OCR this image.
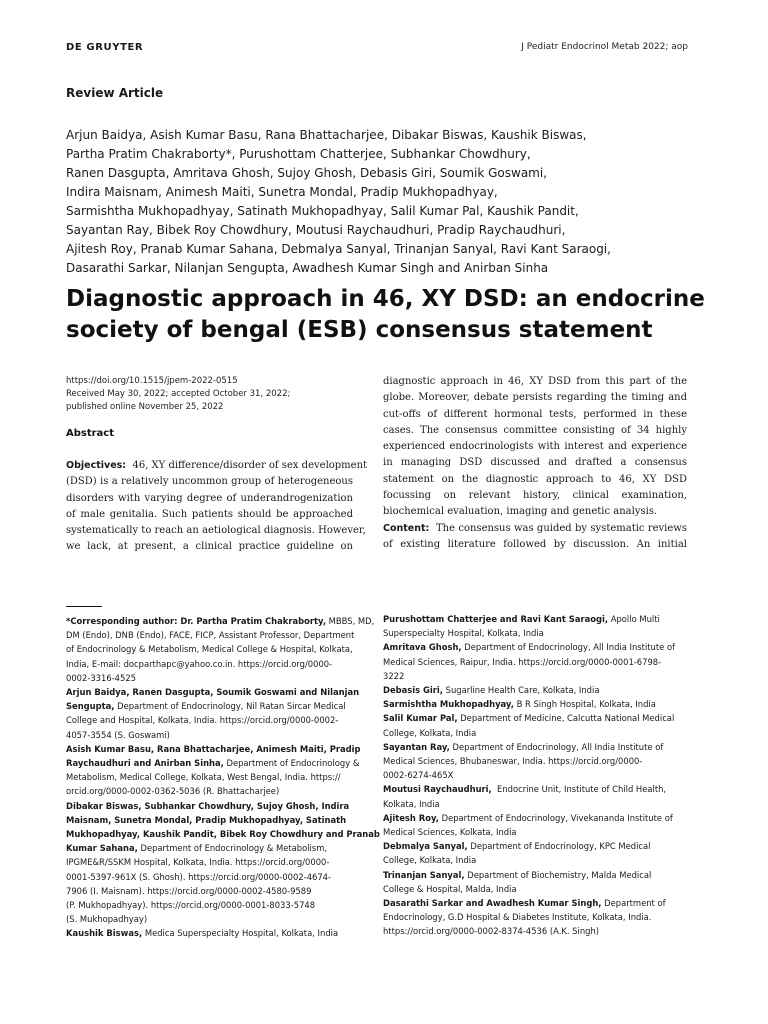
DE GRUYTER	J Pediatr Endocrinol Metab 2022; aop
Review Article
Arjun Baidya, Asish Kumar Basu, Rana Bhattacharjee, Dibakar Biswas, Kaushik Biswas,
Partha Pratim Chakraborty*, Purushottam Chatterjee, Subhankar Chowdhury,
Ranen Dasgupta, Amritava Ghosh, Sujoy Ghosh, Debasis Giri, Soumik Goswami,
Indira Maisnam, Animesh Maiti, Sunetra Mondal, Pradip Mukhopadhyay,
Sarmishtha Mukhopadhyay, Satinath Mukhopadhyay, Salil Kumar Pal, Kaushik Pandit,
Sayantan Ray, Bibek Roy Chowdhury, Moutusi Raychaudhuri, Pradip Raychaudhuri,
Ajitesh Roy, Pranab Kumar Sahana, Debmalya Sanyal, Trinanjan Sanyal, Ravi Kant Saraogi,
Dasarathi Sarkar, Nilanjan Sengupta, Awadhesh Kumar Singh and Anirban Sinha
Diagnostic approach in 46, XY DSD: an endocrine
society of bengal (ESB) consensus statement
https://doi.org/10.1515/jpem-2022-0515
Received May 30, 2022; accepted October 31, 2022;
published online November 25, 2022
Abstract
Objectives: 46, XY difference/disorder of sex development
(DSD) is a relatively uncommon group of heterogeneous
disorders with varying degree of underandrogenization
of male genitalia. Such patients should be approached
systematically to reach an aetiological diagnosis. However,
we lack, at present, a clinical practice guideline on
diagnostic approach in 46, XY DSD from this part of the
globe. Moreover, debate persists regarding the timing and
cut-offs of different hormonal tests, performed in these
cases. The consensus committee consisting of 34 highly
experienced endocrinologists with interest and experience
in managing DSD discussed and drafted a consensus
statement on the diagnostic approach to 46, XY DSD
focussing on relevant history, clinical examination,
biochemical evaluation, imaging and genetic analysis.
Content: The consensus was guided by systematic reviews
of existing literature followed by discussion. An initial
*Corresponding author: Dr. Partha Pratim Chakraborty, MBBS, MD,
DM (Endo), DNB (Endo), FACE, FICP, Assistant Professor, Department
of Endocrinology & Metabolism, Medical College & Hospital, Kolkata,
India, E-mail: docparthapc@yahoo.co.in. https://orcid.org/0000-
0002-3316-4525
Arjun Baidya, Ranen Dasgupta, Soumik Goswami and Nilanjan
Sengupta, Department of Endocrinology, Nil Ratan Sircar Medical
College and Hospital, Kolkata, India. https://orcid.org/0000-0002-
4057-3554 (S. Goswami)
Asish Kumar Basu, Rana Bhattacharjee, Animesh Maiti, Pradip
Raychaudhuri and Anirban Sinha, Department of Endocrinology &
Metabolism, Medical College, Kolkata, West Bengal, India. https://
orcid.org/0000-0002-0362-5036 (R. Bhattacharjee)
Dibakar Biswas, Subhankar Chowdhury, Sujoy Ghosh, Indira
Maisnam, Sunetra Mondal, Pradip Mukhopadhyay, Satinath
Mukhopadhyay, Kaushik Pandit, Bibek Roy Chowdhury and Pranab
Kumar Sahana, Department of Endocrinology & Metabolism,
IPGME&R/SSKM Hospital, Kolkata, India. https://orcid.org/0000-
0001-5397-961X (S. Ghosh). https://orcid.org/0000-0002-4674-
7906 (I. Maisnam). https://orcid.org/0000-0002-4580-9589
(P. Mukhopadhyay). https://orcid.org/0000-0001-8033-5748
(S. Mukhopadhyay)
Kaushik Biswas, Medica Superspecialty Hospital, Kolkata, India
Purushottam Chatterjee and Ravi Kant Saraogi, Apollo Multi
Superspecialty Hospital, Kolkata, India
Amritava Ghosh, Department of Endocrinology, All India Institute of
Medical Sciences, Raipur, India. https://orcid.org/0000-0001-6798-
3222
Debasis Giri, Sugarline Health Care, Kolkata, India
Sarmishtha Mukhopadhyay, B R Singh Hospital, Kolkata, India
Salil Kumar Pal, Department of Medicine, Calcutta National Medical
College, Kolkata, India
Sayantan Ray, Department of Endocrinology, All India Institute of
Medical Sciences, Bhubaneswar, India. https://orcid.org/0000-
0002-6274-465X
Moutusi Raychaudhuri,  Endocrine Unit, Institute of Child Health,
Kolkata, India
Ajitesh Roy, Department of Endocrinology, Vivekananda Institute of
Medical Sciences, Kolkata, India
Debmalya Sanyal, Department of Endocrinology, KPC Medical
College, Kolkata, India
Trinanjan Sanyal, Department of Biochemistry, Malda Medical
College & Hospital, Malda, India
Dasarathi Sarkar and Awadhesh Kumar Singh, Department of
Endocrinology, G.D Hospital & Diabetes Institute, Kolkata, India.
https://orcid.org/0000-0002-8374-4536 (A.K. Singh)
